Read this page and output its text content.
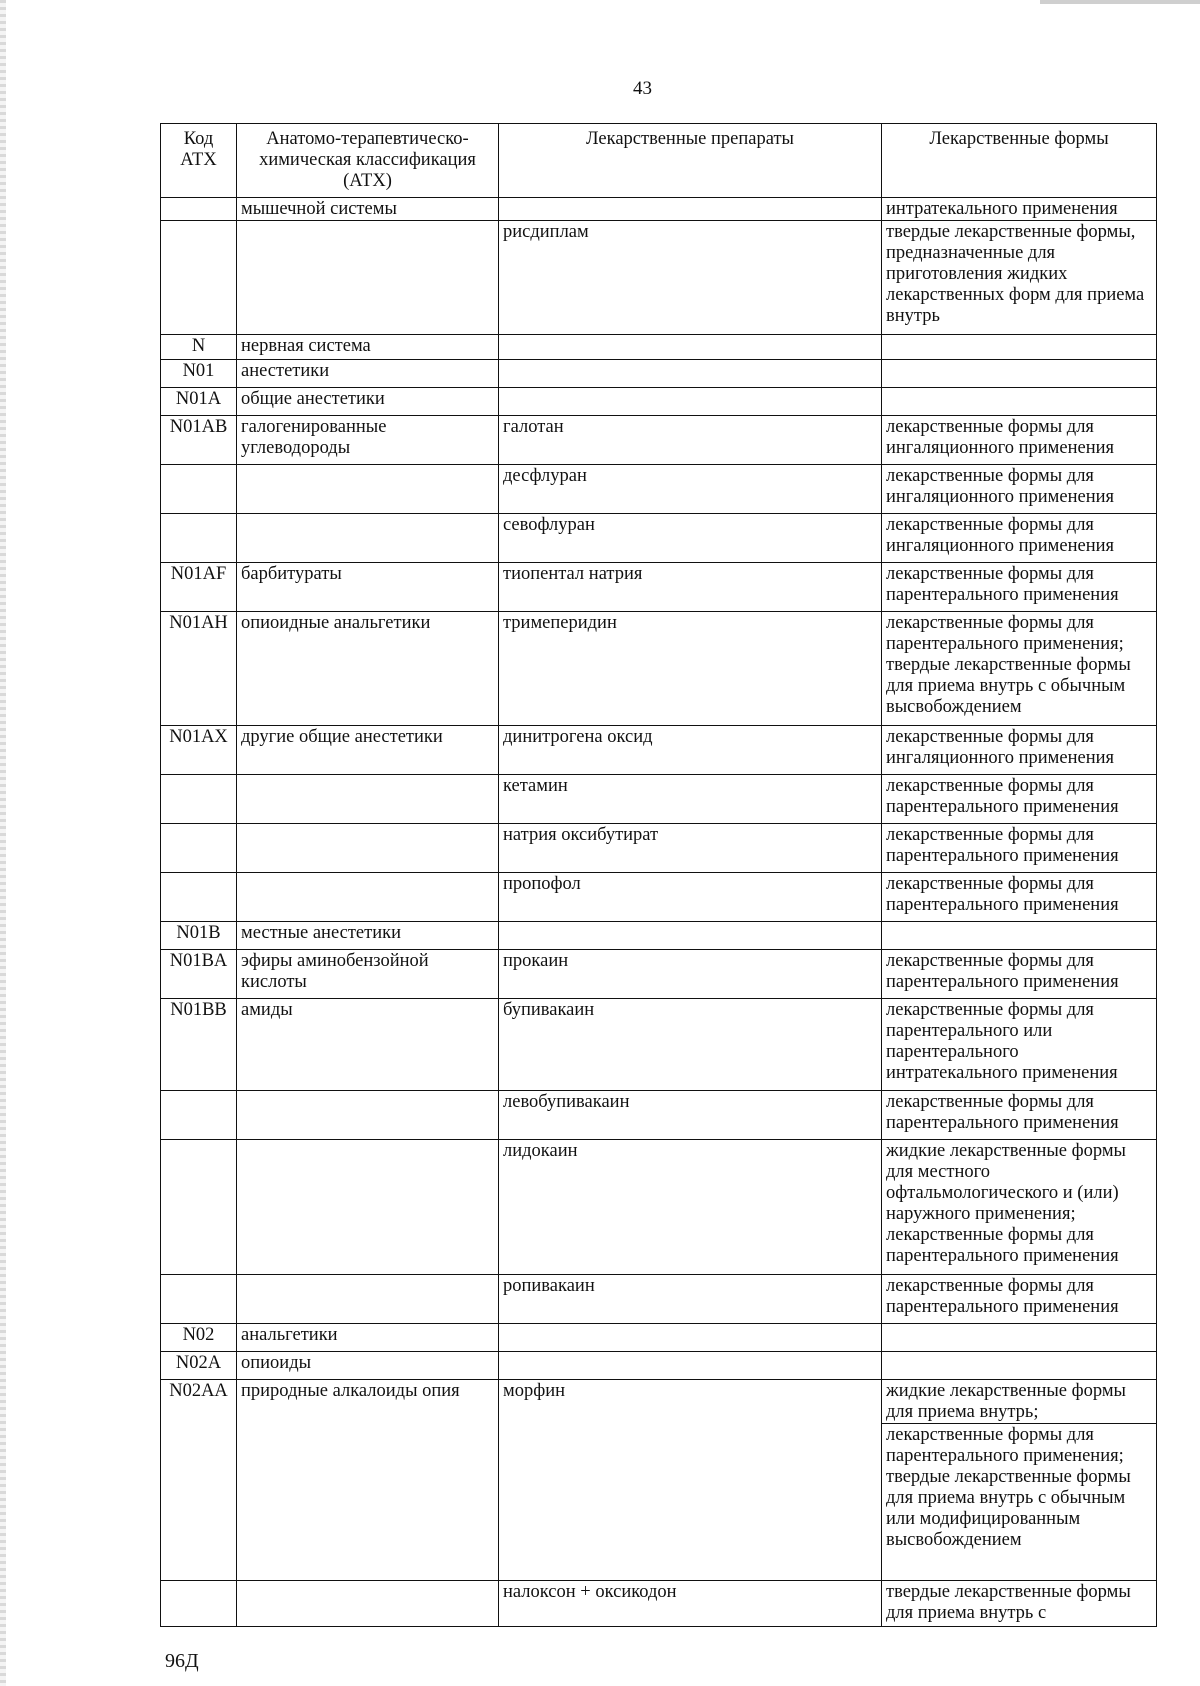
43
Код АТХ	Анатомо-терапевтическо-химическая классификация (АТХ)	Лекарственные препараты	Лекарственные формы
	мышечной системы		интратекального применения
		рисдиплам	твердые лекарственные формы, предназначенные для приготовления жидких лекарственных форм для приема внутрь
N	нервная система		
N01	анестетики		
N01A	общие анестетики		
N01AB	галогенированные углеводороды	галотан	лекарственные формы для ингаляционного применения
		десфлуран	лекарственные формы для ингаляционного применения
		севофлуран	лекарственные формы для ингаляционного применения
N01AF	барбитураты	тиопентал натрия	лекарственные формы для парентерального применения
N01AH	опиоидные анальгетики	тримеперидин	лекарственные формы для парентерального применения; твердые лекарственные формы для приема внутрь с обычным высвобождением
N01AX	другие общие анестетики	динитрогена оксид	лекарственные формы для ингаляционного применения
		кетамин	лекарственные формы для парентерального применения
		натрия оксибутират	лекарственные формы для парентерального применения
		пропофол	лекарственные формы для парентерального применения
N01B	местные анестетики		
N01BA	эфиры аминобензойной кислоты	прокаин	лекарственные формы для парентерального применения
N01BB	амиды	бупивакаин	лекарственные формы для парентерального или парентерального интратекального применения
		левобупивакаин	лекарственные формы для парентерального применения
		лидокаин	жидкие лекарственные формы для местного офтальмологического и (или) наружного применения; лекарственные формы для парентерального применения
		ропивакаин	лекарственные формы для парентерального применения
N02	анальгетики		
N02A	опиоиды		
N02AA	природные алкалоиды опия	морфин	жидкие лекарственные формы для приема внутрь;
			лекарственные формы для парентерального применения; твердые лекарственные формы для приема внутрь с обычным или модифицированным высвобождением
		налоксон + оксикодон	твердые лекарственные формы для приема внутрь с
96Д
